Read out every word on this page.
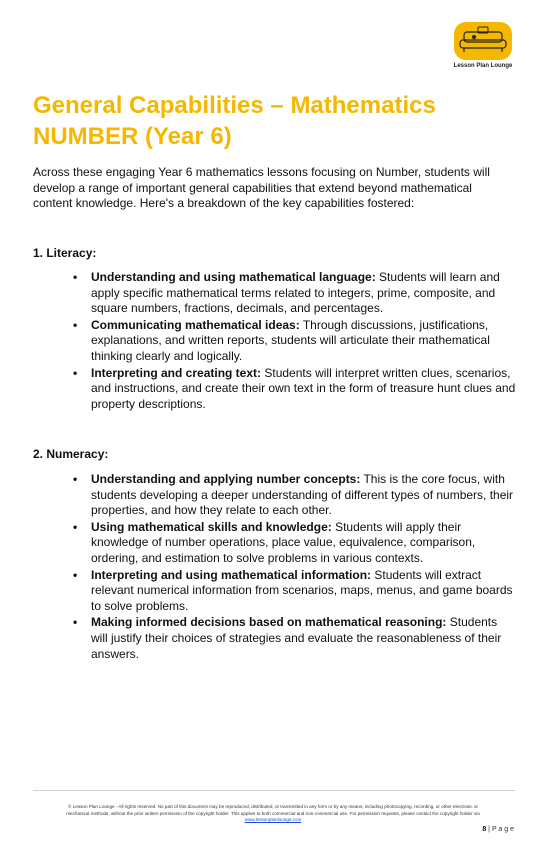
Lesson Plan Lounge
General Capabilities – Mathematics
NUMBER (Year 6)
Across these engaging Year 6 mathematics lessons focusing on Number, students will develop a range of important general capabilities that extend beyond mathematical content knowledge. Here's a breakdown of the key capabilities fostered:
1. Literacy:
• Understanding and using mathematical language: Students will learn and apply specific mathematical terms related to integers, prime, composite, and square numbers, fractions, decimals, and percentages.
• Communicating mathematical ideas: Through discussions, justifications, explanations, and written reports, students will articulate their mathematical thinking clearly and logically.
• Interpreting and creating text: Students will interpret written clues, scenarios, and instructions, and create their own text in the form of treasure hunt clues and property descriptions.
2. Numeracy:
• Understanding and applying number concepts: This is the core focus, with students developing a deeper understanding of different types of numbers, their properties, and how they relate to each other.
• Using mathematical skills and knowledge: Students will apply their knowledge of number operations, place value, equivalence, comparison, ordering, and estimation to solve problems in various contexts.
• Interpreting and using mathematical information: Students will extract relevant numerical information from scenarios, maps, menus, and game boards to solve problems.
• Making informed decisions based on mathematical reasoning: Students will justify their choices of strategies and evaluate the reasonableness of their answers.
© Lesson Plan Lounge - All rights reserved. No part of this document may be reproduced, distributed, or transmitted in any form or by any means, including photocopying, recording, or other electronic or
mechanical methods, without the prior written permission of the copyright holder. This applies to both commercial and non-commercial use. For permission requests, please contact the copyright holder via
www.lessonplanlounge.com
8 | P a g e
